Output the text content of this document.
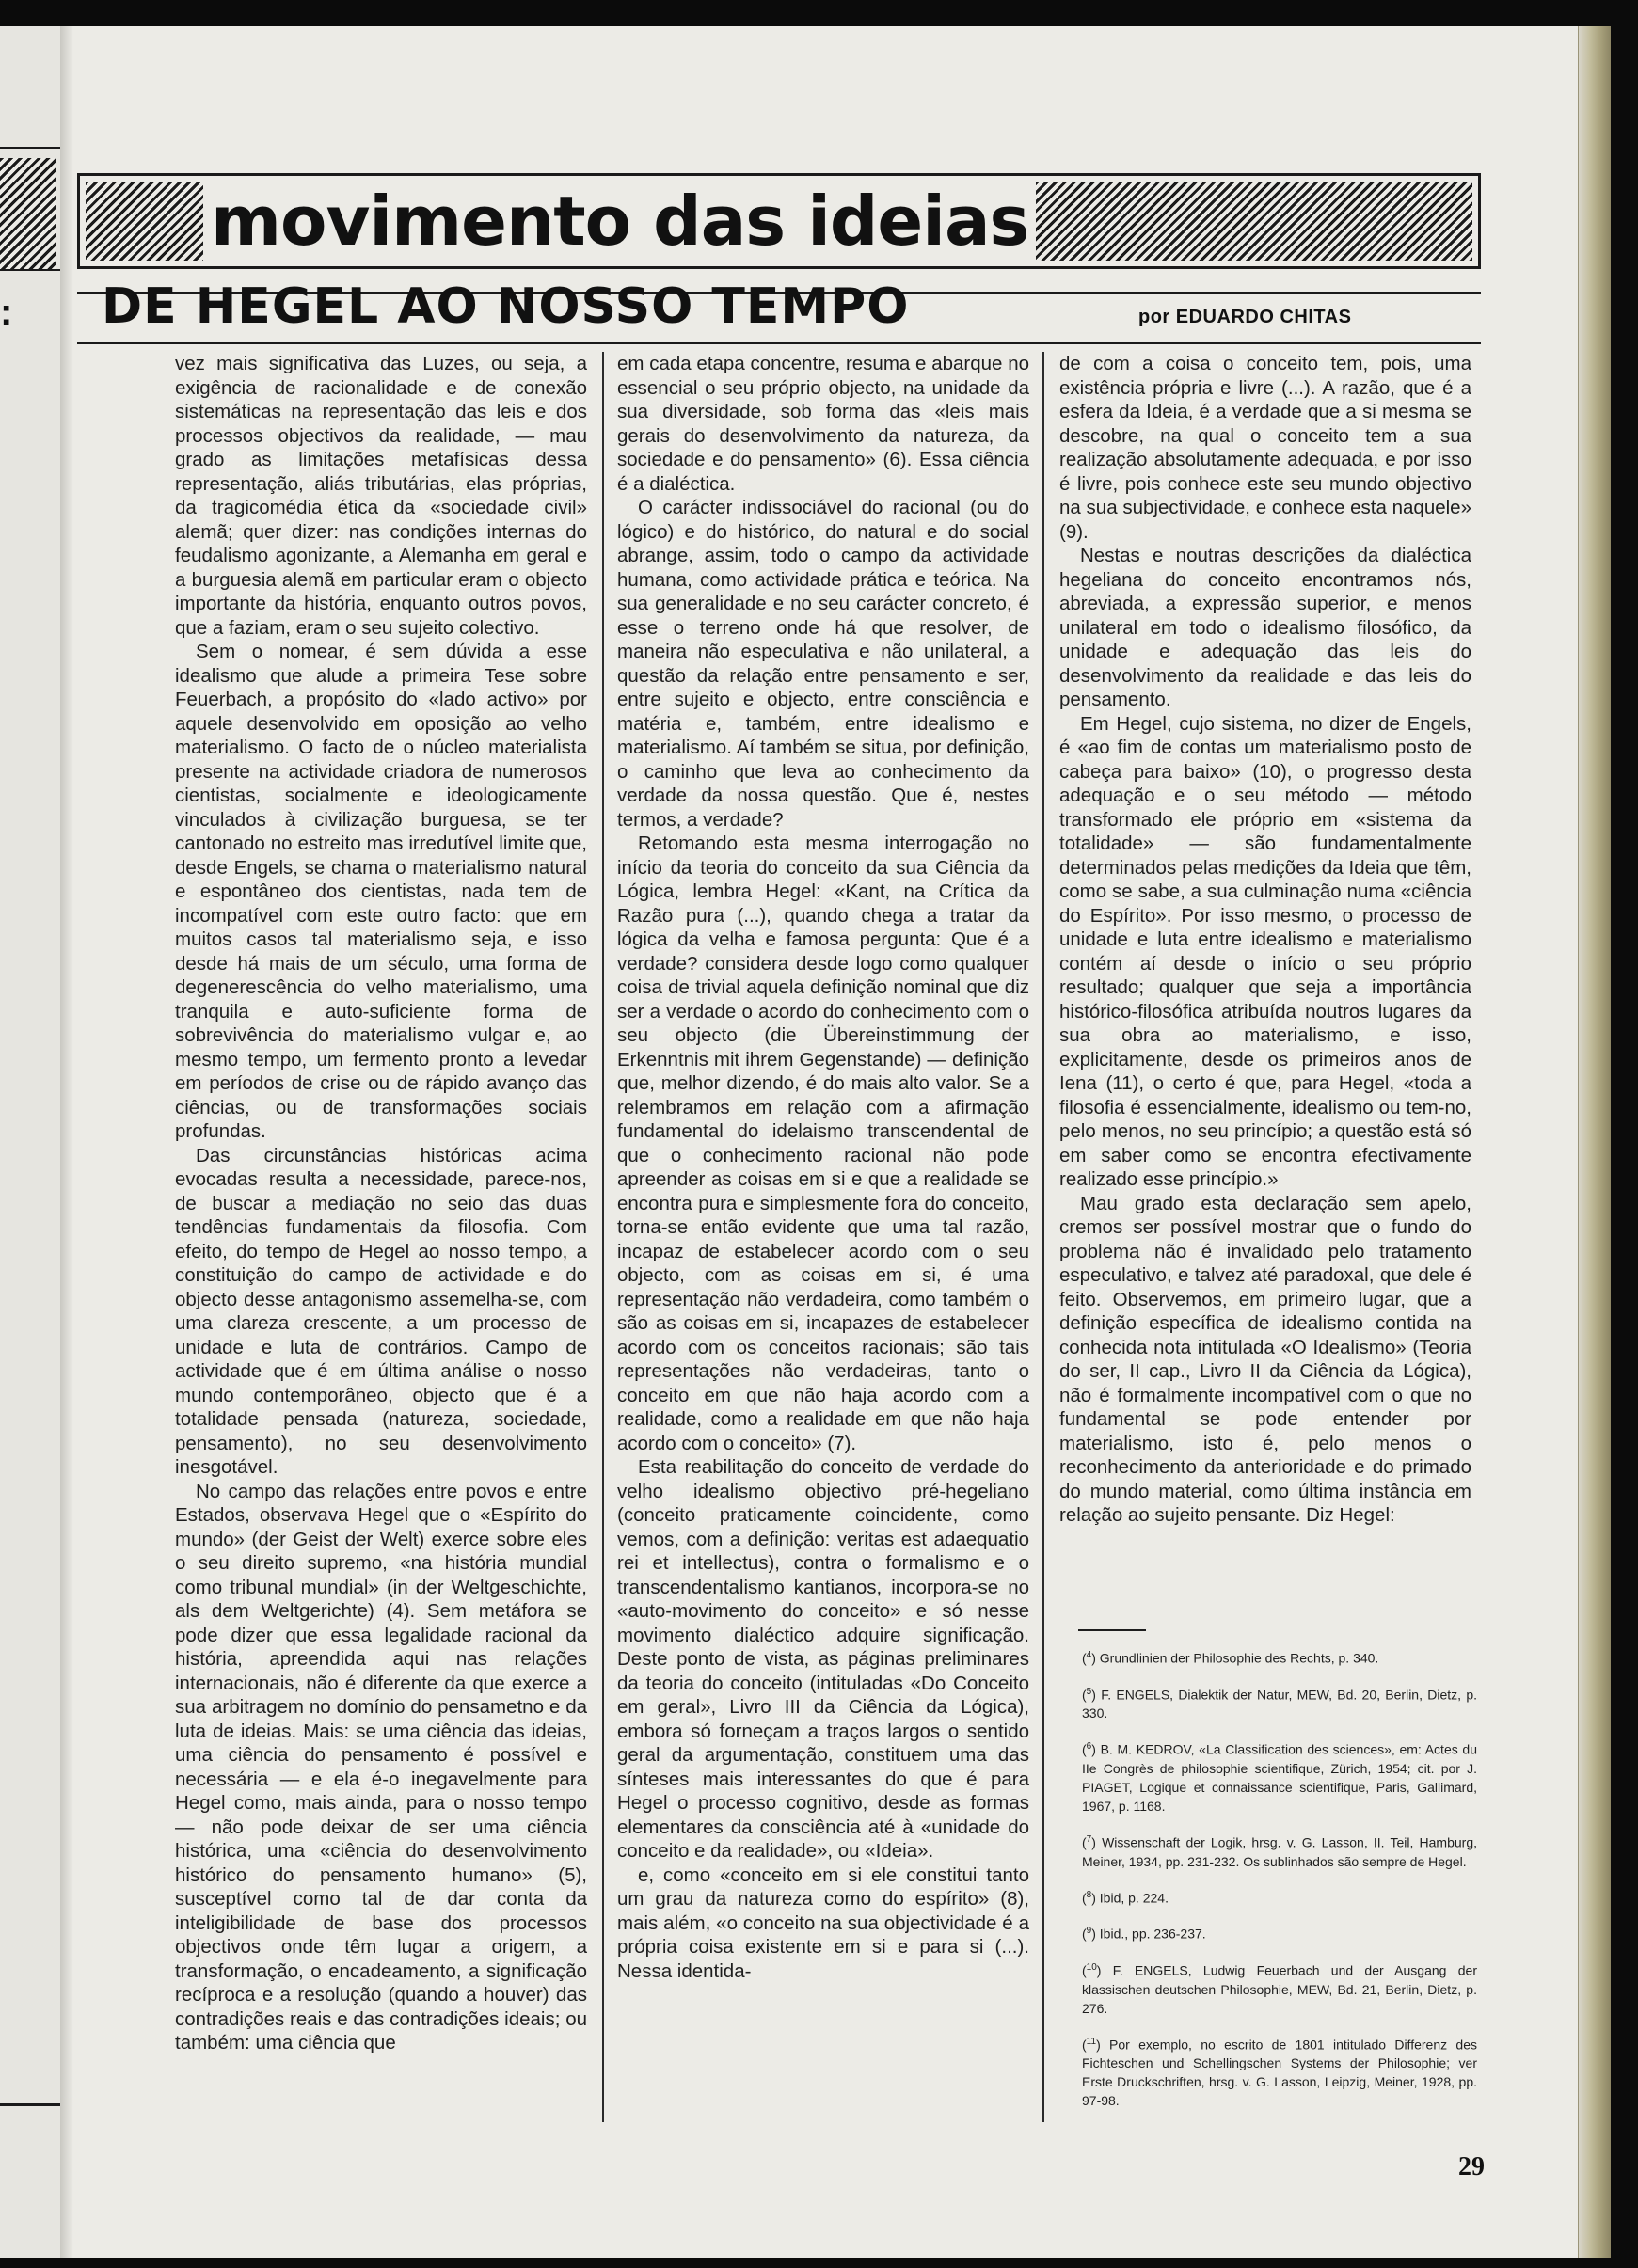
:
movimento das ideias
DE HEGEL AO NOSSO TEMPO	por EDUARDO CHITAS

vez mais significativa das Luzes, ou seja, a exigência de racionalidade e de conexão sistemáticas na representação das leis e dos processos objectivos da realidade, — mau grado as limitações metafísicas dessa representação, aliás tributárias, elas próprias, da tragicomédia ética da «sociedade civil» alemã; quer dizer: nas condições internas do feudalismo agonizante, a Alemanha em geral e a burguesia alemã em particular eram o objecto importante da história, enquanto outros povos, que a faziam, eram o seu sujeito colectivo.

Sem o nomear, é sem dúvida a esse idealismo que alude a primeira Tese sobre Feuerbach, a propósito do «lado activo» por aquele desenvolvido em oposição ao velho materialismo. O facto de o núcleo materialista presente na actividade criadora de numerosos cientistas, socialmente e ideologicamente vinculados à civilização burguesa, se ter cantonado no estreito mas irredutível limite que, desde Engels, se chama o materialismo natural e espontâneo dos cientistas, nada tem de incompatível com este outro facto: que em muitos casos tal materialismo seja, e isso desde há mais de um século, uma forma de degenerescência do velho materialismo, uma tranquila e auto-suficiente forma de sobrevivência do materialismo vulgar e, ao mesmo tempo, um fermento pronto a levedar em períodos de crise ou de rápido avanço das ciências, ou de transformações sociais profundas.

Das circunstâncias históricas acima evocadas resulta a necessidade, parece-nos, de buscar a mediação no seio das duas tendências fundamentais da filosofia. Com efeito, do tempo de Hegel ao nosso tempo, a constituição do campo de actividade e do objecto desse antagonismo assemelha-se, com uma clareza crescente, a um processo de unidade e luta de contrários. Campo de actividade que é em última análise o nosso mundo contemporâneo, objecto que é a totalidade pensada (natureza, sociedade, pensamento), no seu desenvolvimento inesgotável.

No campo das relações entre povos e entre Estados, observava Hegel que o «Espírito do mundo» (der Geist der Welt) exerce sobre eles o seu direito supremo, «na história mundial como tribunal mundial» (in der Weltgeschichte, als dem Weltgerichte) (4). Sem metáfora se pode dizer que essa legalidade racional da história, apreendida aqui nas relações internacionais, não é diferente da que exerce a sua arbitragem no domínio do pensametno e da luta de ideias. Mais: se uma ciência das ideias, uma ciência do pensamento é possível e necessária — e ela é-o inegavelmente para Hegel como, mais ainda, para o nosso tempo — não pode deixar de ser uma ciência histórica, uma «ciência do desenvolvimento histórico do pensamento humano» (5), susceptível como tal de dar conta da inteligibilidade de base dos processos objectivos onde têm lugar a origem, a transformação, o encadeamento, a significação recíproca e a resolução (quando a houver) das contradições reais e das contradições ideais; ou também: uma ciência que

em cada etapa concentre, resuma e abarque no essencial o seu próprio objecto, na unidade da sua diversidade, sob forma das «leis mais gerais do desenvolvimento da natureza, da sociedade e do pensamento» (6). Essa ciência é a dialéctica.

O carácter indissociável do racional (ou do lógico) e do histórico, do natural e do social abrange, assim, todo o campo da actividade humana, como actividade prática e teórica. Na sua generalidade e no seu carácter concreto, é esse o terreno onde há que resolver, de maneira não especulativa e não unilateral, a questão da relação entre pensamento e ser, entre sujeito e objecto, entre consciência e matéria e, também, entre idealismo e materialismo. Aí também se situa, por definição, o caminho que leva ao conhecimento da verdade da nossa questão. Que é, nestes termos, a verdade?

Retomando esta mesma interrogação no início da teoria do conceito da sua Ciência da Lógica, lembra Hegel: «Kant, na Crítica da Razão pura (...), quando chega a tratar da lógica da velha e famosa pergunta: Que é a verdade? considera desde logo como qualquer coisa de trivial aquela definição nominal que diz ser a verdade o acordo do conhecimento com o seu objecto (die Übereinstimmung der Erkenntnis mit ihrem Gegenstande) — definição que, melhor dizendo, é do mais alto valor. Se a relembramos em relação com a afirmação fundamental do idelaismo transcendental de que o conhecimento racional não pode apreender as coisas em si e que a realidade se encontra pura e simplesmente fora do conceito, torna-se então evidente que uma tal razão, incapaz de estabelecer acordo com o seu objecto, com as coisas em si, é uma representação não verdadeira, como também o são as coisas em si, incapazes de estabelecer acordo com os conceitos racionais; são tais representações não verdadeiras, tanto o conceito em que não haja acordo com a realidade, como a realidade em que não haja acordo com o conceito» (7).

Esta reabilitação do conceito de verdade do velho idealismo objectivo pré-hegeliano (conceito praticamente coincidente, como vemos, com a definição: veritas est adaequatio rei et intellectus), contra o formalismo e o transcendentalismo kantianos, incorpora-se no «auto-movimento do conceito» e só nesse movimento dialéctico adquire significação. Deste ponto de vista, as páginas preliminares da teoria do conceito (intituladas «Do Conceito em geral», Livro III da Ciência da Lógica), embora só forneçam a traços largos o sentido geral da argumentação, constituem uma das sínteses mais interessantes do que é para Hegel o processo cognitivo, desde as formas elementares da consciência até à «unidade do conceito e da realidade», ou «Ideia».

e, como «conceito em si ele constitui tanto um grau da natureza como do espírito» (8), mais além, «o conceito na sua objectividade é a própria coisa existente em si e para si (...). Nessa identida-

de com a coisa o conceito tem, pois, uma existência própria e livre (...). A razão, que é a esfera da Ideia, é a verdade que a si mesma se descobre, na qual o conceito tem a sua realização absolutamente adequada, e por isso é livre, pois conhece este seu mundo objectivo na sua subjectividade, e conhece esta naquele» (9).

Nestas e noutras descrições da dialéctica hegeliana do conceito encontramos nós, abreviada, a expressão superior, e menos unilateral em todo o idealismo filosófico, da unidade e adequação das leis do desenvolvimento da realidade e das leis do pensamento.

Em Hegel, cujo sistema, no dizer de Engels, é «ao fim de contas um materialismo posto de cabeça para baixo» (10), o progresso desta adequação e o seu método — método transformado ele próprio em «sistema da totalidade» — são fundamentalmente determinados pelas medições da Ideia que têm, como se sabe, a sua culminação numa «ciência do Espírito». Por isso mesmo, o processo de unidade e luta entre idealismo e materialismo contém aí desde o início o seu próprio resultado; qualquer que seja a importância histórico-filosófica atribuída noutros lugares da sua obra ao materialismo, e isso, explicitamente, desde os primeiros anos de Iena (11), o certo é que, para Hegel, «toda a filosofia é essencialmente, idealismo ou tem-no, pelo menos, no seu princípio; a questão está só em saber como se encontra efectivamente realizado esse princípio.»

Mau grado esta declaração sem apelo, cremos ser possível mostrar que o fundo do problema não é invalidado pelo tratamento especulativo, e talvez até paradoxal, que dele é feito. Observemos, em primeiro lugar, que a definição específica de idealismo contida na conhecida nota intitulada «O Idealismo» (Teoria do ser, II cap., Livro II da Ciência da Lógica), não é formalmente incompatível com o que no fundamental se pode entender por materialismo, isto é, pelo menos o reconhecimento da anterioridade e do primado do mundo material, como última instância em relação ao sujeito pensante. Diz Hegel:

($^4$) Grundlinien der Philosophie des Rechts, p. 340.

($^5$) F. ENGELS, Dialektik der Natur, MEW, Bd. 20, Berlin, Dietz, p. 330.

($^6$) B. M. KEDROV, «La Classification des sciences», em: Actes du IIe Congrès de philosophie scientifique, Zürich, 1954; cit. por J. PIAGET, Logique et connaissance scientifique, Paris, Gallimard, 1967, p. 1168.

($^7$) Wissenschaft der Logik, hrsg. v. G. Lasson, II. Teil, Hamburg, Meiner, 1934, pp. 231-232. Os sublinhados são sempre de Hegel.

($^8$) Ibid, p. 224.

($^9$) Ibid., pp. 236-237.

($^{10}$) F. ENGELS, Ludwig Feuerbach und der Ausgang der klassischen deutschen Philosophie, MEW, Bd. 21, Berlin, Dietz, p. 276.

($^{11}$) Por exemplo, no escrito de 1801 intitulado Differenz des Fichteschen und Schellingschen Systems der Philosophie; ver Erste Druckschriften, hrsg. v. G. Lasson, Leipzig, Meiner, 1928, pp. 97-98.

29
